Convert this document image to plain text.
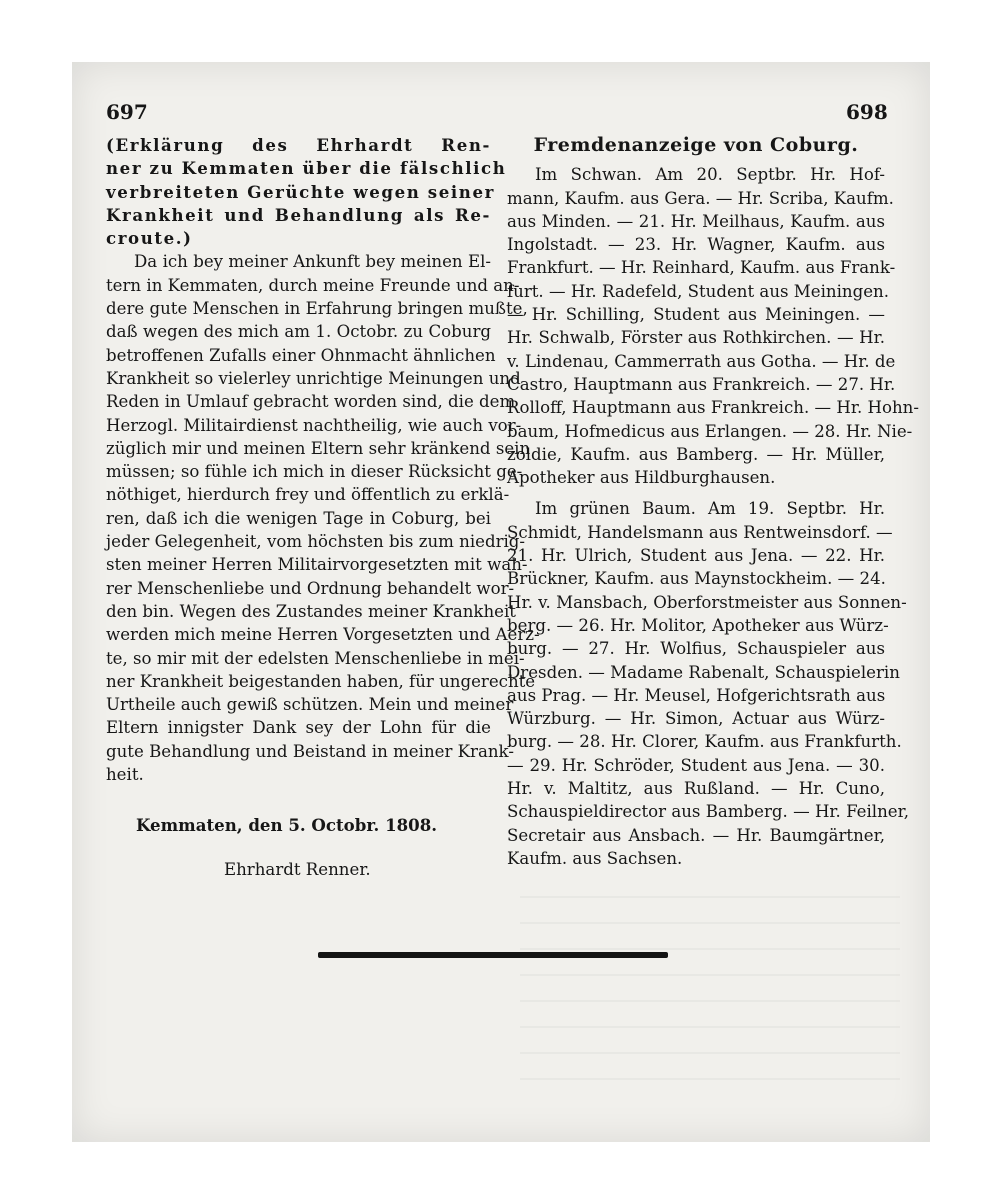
697	698
(Erklärung des Ehrhardt Ren-
ner zu Kemmaten über die fälschlich
verbreiteten Gerüchte wegen seiner
Krankheit und Behandlung als Re-
croute.)
Da ich bey meiner Ankunft bey meinen El-
tern in Kemmaten, durch meine Freunde und an-
dere gute Menschen in Erfahrung bringen mußte,
daß wegen des mich am 1. Octobr. zu Coburg
betroffenen Zufalls einer Ohnmacht ähnlichen
Krankheit so vielerley unrichtige Meinungen und
Reden in Umlauf gebracht worden sind, die dem
Herzogl. Militairdienst nachtheilig, wie auch vor-
züglich mir und meinen Eltern sehr kränkend sein
müssen; so fühle ich mich in dieser Rücksicht ge-
nöthiget, hierdurch frey und öffentlich zu erklä-
ren, daß ich die wenigen Tage in Coburg, bei
jeder Gelegenheit, vom höchsten bis zum niedrig-
sten meiner Herren Militairvorgesetzten mit wah-
rer Menschenliebe und Ordnung behandelt wor-
den bin. Wegen des Zustandes meiner Krankheit
werden mich meine Herren Vorgesetzten und Aerz-
te, so mir mit der edelsten Menschenliebe in mei-
ner Krankheit beigestanden haben, für ungerechte
Urtheile auch gewiß schützen. Mein und meiner
Eltern innigster Dank sey der Lohn für die
gute Behandlung und Beistand in meiner Krank-
heit.
Kemmaten, den 5. Octobr. 1808.
Ehrhardt Renner.
Fremdenanzeige von Coburg.
Im Schwan. Am 20. Septbr. Hr. Hof-
mann, Kaufm. aus Gera. — Hr. Scriba, Kaufm.
aus Minden. — 21. Hr. Meilhaus, Kaufm. aus
Ingolstadt. — 23. Hr. Wagner, Kaufm. aus
Frankfurt. — Hr. Reinhard, Kaufm. aus Frank-
furt. — Hr. Radefeld, Student aus Meiningen.
— Hr. Schilling, Student aus Meiningen. —
Hr. Schwalb, Förster aus Rothkirchen. — Hr.
v. Lindenau, Cammerrath aus Gotha. — Hr. de
Castro, Hauptmann aus Frankreich. — 27. Hr.
Rolloff, Hauptmann aus Frankreich. — Hr. Hohn-
baum, Hofmedicus aus Erlangen. — 28. Hr. Nie-
zoldie, Kaufm. aus Bamberg. — Hr. Müller,
Apotheker aus Hildburghausen.
Im grünen Baum. Am 19. Septbr. Hr.
Schmidt, Handelsmann aus Rentweinsdorf. —
21. Hr. Ulrich, Student aus Jena. — 22. Hr.
Brückner, Kaufm. aus Maynstockheim. — 24.
Hr. v. Mansbach, Oberforstmeister aus Sonnen-
berg. — 26. Hr. Molitor, Apotheker aus Würz-
burg. — 27. Hr. Wolfius, Schauspieler aus
Dresden. — Madame Rabenalt, Schauspielerin
aus Prag. — Hr. Meusel, Hofgerichtsrath aus
Würzburg. — Hr. Simon, Actuar aus Würz-
burg. — 28. Hr. Clorer, Kaufm. aus Frankfurth.
— 29. Hr. Schröder, Student aus Jena. — 30.
Hr. v. Maltitz, aus Rußland. — Hr. Cuno,
Schauspieldirector aus Bamberg. — Hr. Feilner,
Secretair aus Ansbach. — Hr. Baumgärtner,
Kaufm. aus Sachsen.
